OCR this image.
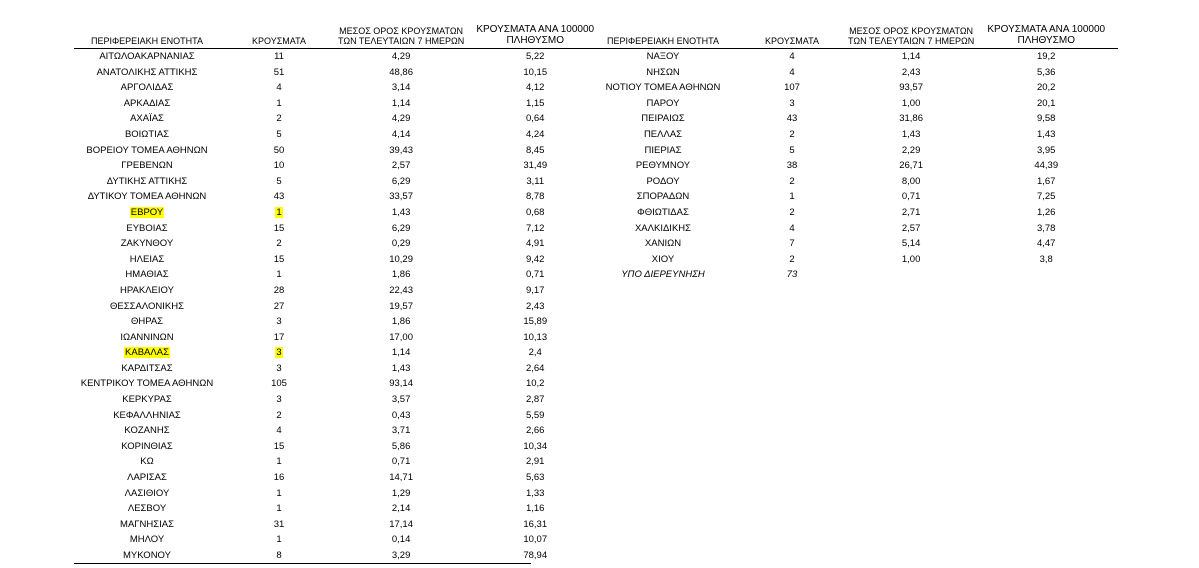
ΠΕΡΙΦΕΡΕΙΑΚΗ ΕΝΟΤΗΤΑ	ΚΡΟΥΣΜΑΤΑ	ΜΕΣΟΣ ΟΡΟΣ ΚΡΟΥΣΜΑΤΩΝ
ΤΩΝ ΤΕΛΕΥΤΑΙΩΝ 7 ΗΜΕΡΩΝ	ΚΡΟΥΣΜΑΤΑ ΑΝΑ 100000
ΠΛΗΘΥΣΜΟ
ΑΙΤΩΛΟΑΚΑΡΝΑΝΙΑΣ	11	4,29	5,22
ΑΝΑΤΟΛΙΚΗΣ ΑΤΤΙΚΗΣ	51	48,86	10,15
ΑΡΓΟΛΙΔΑΣ	4	3,14	4,12
ΑΡΚΑΔΙΑΣ	1	1,14	1,15
ΑΧΑΪΑΣ	2	4,29	0,64
ΒΟΙΩΤΙΑΣ	5	4,14	4,24
ΒΟΡΕΙΟΥ ΤΟΜΕΑ ΑΘΗΝΩΝ	50	39,43	8,45
ΓΡΕΒΕΝΩΝ	10	2,57	31,49
ΔΥΤΙΚΗΣ ΑΤΤΙΚΗΣ	5	6,29	3,11
ΔΥΤΙΚΟΥ ΤΟΜΕΑ ΑΘΗΝΩΝ	43	33,57	8,78
ΕΒΡΟΥ	1	1,43	0,68
ΕΥΒΟΙΑΣ	15	6,29	7,12
ΖΑΚΥΝΘΟΥ	2	0,29	4,91
ΗΛΕΙΑΣ	15	10,29	9,42
ΗΜΑΘΙΑΣ	1	1,86	0,71
ΗΡΑΚΛΕΙΟΥ	28	22,43	9,17
ΘΕΣΣΑΛΟΝΙΚΗΣ	27	19,57	2,43
ΘΗΡΑΣ	3	1,86	15,89
ΙΩΑΝΝΙΝΩΝ	17	17,00	10,13
ΚΑΒΑΛΑΣ	3	1,14	2,4
ΚΑΡΔΙΤΣΑΣ	3	1,43	2,64
ΚΕΝΤΡΙΚΟΥ ΤΟΜΕΑ ΑΘΗΝΩΝ	105	93,14	10,2
ΚΕΡΚΥΡΑΣ	3	3,57	2,87
ΚΕΦΑΛΛΗΝΙΑΣ	2	0,43	5,59
ΚΟΖΑΝΗΣ	4	3,71	2,66
ΚΟΡΙΝΘΙΑΣ	15	5,86	10,34
ΚΩ	1	0,71	2,91
ΛΑΡΙΣΑΣ	16	14,71	5,63
ΛΑΣΙΘΙΟΥ	1	1,29	1,33
ΛΕΣΒΟΥ	1	2,14	1,16
ΜΑΓΝΗΣΙΑΣ	31	17,14	16,31
ΜΗΛΟΥ	1	0,14	10,07
ΜΥΚΟΝΟΥ	8	3,29	78,94
ΠΕΡΙΦΕΡΕΙΑΚΗ ΕΝΟΤΗΤΑ	ΚΡΟΥΣΜΑΤΑ	ΜΕΣΟΣ ΟΡΟΣ ΚΡΟΥΣΜΑΤΩΝ
ΤΩΝ ΤΕΛΕΥΤΑΙΩΝ 7 ΗΜΕΡΩΝ	ΚΡΟΥΣΜΑΤΑ ΑΝΑ 100000
ΠΛΗΘΥΣΜΟ
ΝΑΞΟΥ	4	1,14	19,2
ΝΗΣΩΝ	4	2,43	5,36
ΝΟΤΙΟΥ ΤΟΜΕΑ ΑΘΗΝΩΝ	107	93,57	20,2
ΠΑΡΟΥ	3	1,00	20,1
ΠΕΙΡΑΙΩΣ	43	31,86	9,58
ΠΕΛΛΑΣ	2	1,43	1,43
ΠΙΕΡΙΑΣ	5	2,29	3,95
ΡΕΘΥΜΝΟΥ	38	26,71	44,39
ΡΟΔΟΥ	2	8,00	1,67
ΣΠΟΡΑΔΩΝ	1	0,71	7,25
ΦΘΙΩΤΙΔΑΣ	2	2,71	1,26
ΧΑΛΚΙΔΙΚΗΣ	4	2,57	3,78
ΧΑΝΙΩΝ	7	5,14	4,47
ΧΙΟΥ	2	1,00	3,8
ΥΠΟ ΔΙΕΡΕΥΝΗΣΗ	73		
